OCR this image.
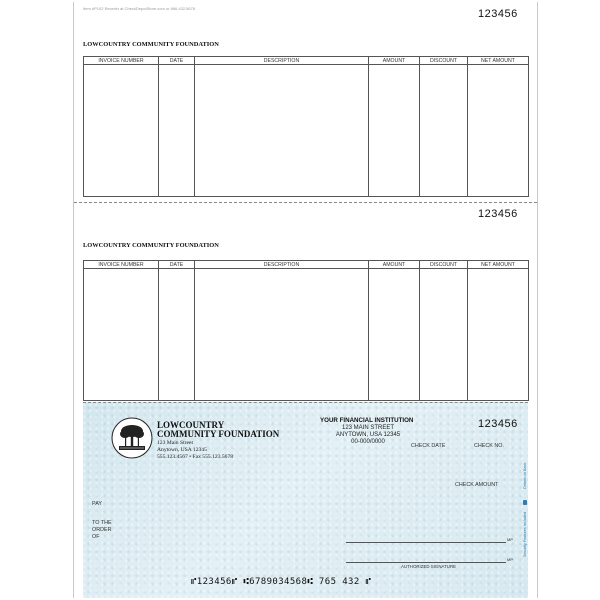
Item #P102 Reorder at CheckDepotStore.com or 866.432.5678	123456
LOWCOUNTRY COMMUNITY FOUNDATION
INVOICE NUMBER	DATE	DESCRIPTION	AMOUNT	DISCOUNT	NET AMOUNT

123456
LOWCOUNTRY COMMUNITY FOUNDATION
INVOICE NUMBER	DATE	DESCRIPTION	AMOUNT	DISCOUNT	NET AMOUNT

LOWCOUNTRY
COMMUNITY FOUNDATION
123 Main Street
Anytown, USA 12345
555.123.4567 • Fax 555.123.5678
YOUR FINANCIAL INSTITUTION
123 MAIN STREET
ANYTOWN, USA 12345
00-000/0000
123456
CHECK DATE	CHECK NO.
CHECK AMOUNT
PAY
TO THE
ORDER
OF	MP
MP
AUTHORIZED SIGNATURE
Details on Back
Security Features Included
⑈123456⑈ ⑆6789034568⑆ 765 432 ⑈
